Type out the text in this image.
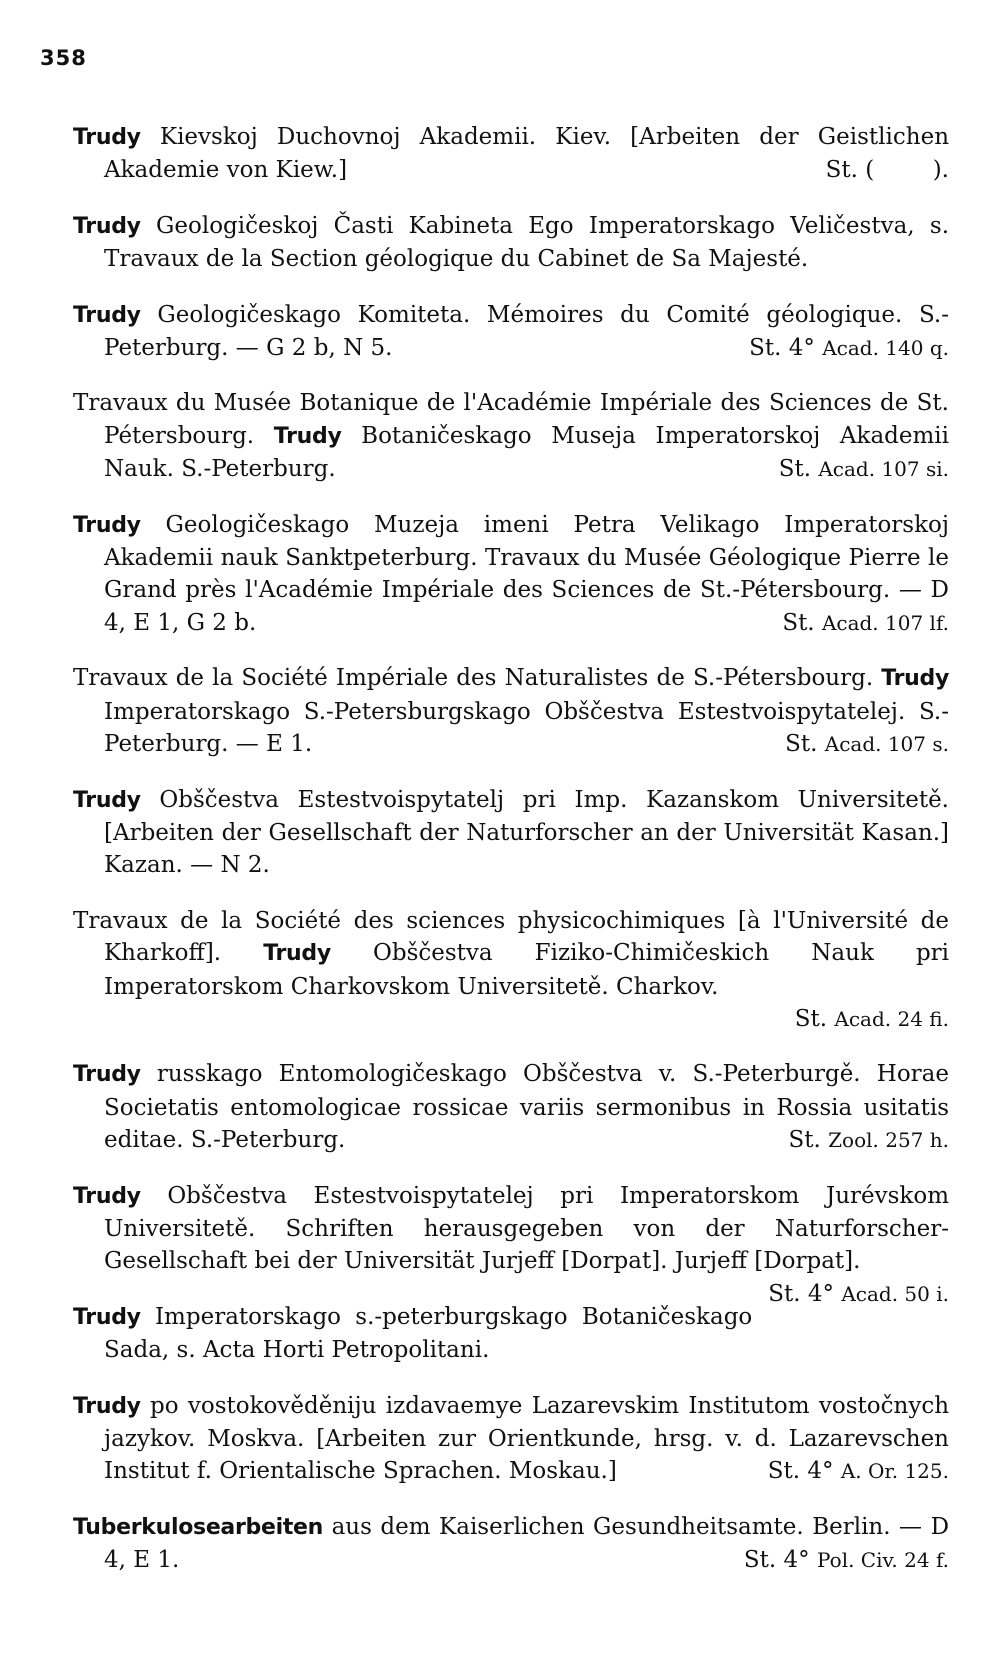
358

Trudy Kievskoj Duchovnoj Akademii. Kiev. [Arbeiten der Geistlichen Akademie von Kiew.]	St. (	).

Trudy Geologičeskoj Časti Kabineta Ego Imperatorskago Veličestva, s. Travaux de la Section géologique du Cabinet de Sa Majesté.

Trudy Geologičeskago Komiteta. Mémoires du Comité géologique. S.-Peterburg. — G 2 b, N 5.	St. 4° Acad. 140 q.

Travaux du Musée Botanique de l'Académie Impériale des Sciences de St. Pétersbourg. Trudy Botaničeskago Museja Imperatorskoj Akademii Nauk. S.-Peterburg.	St. Acad. 107 si.

Trudy Geologičeskago Muzeja imeni Petra Velikago Imperatorskoj Akademii nauk Sanktpeterburg. Travaux du Musée Géologique Pierre le Grand près l'Académie Impériale des Sciences de St.-Pétersbourg. — D 4, E 1, G 2 b.	St. Acad. 107 lf.

Travaux de la Société Impériale des Naturalistes de S.-Pétersbourg. Trudy Imperatorskago S.-Petersburgskago Obščestva Estestvoispytatelej. S.-Peterburg. — E 1.	St. Acad. 107 s.

Trudy Obščestva Estestvoispytatelj pri Imp. Kazanskom Universitetě. [Arbeiten der Gesellschaft der Naturforscher an der Universität Kasan.] Kazan. — N 2.

Travaux de la Société des sciences physicochimiques [à l'Université de Kharkoff]. Trudy Obščestva Fiziko-Chimičeskich Nauk pri Imperatorskom Charkovskom Universitetě. Charkov.
St. Acad. 24 fi.

Trudy russkago Entomologičeskago Obščestva v. S.-Peterburgě. Horae Societatis entomologicae rossicae variis sermonibus in Rossia usitatis editae. S.-Peterburg.	St. Zool. 257 h.

Trudy Obščestva Estestvoispytatelej pri Imperatorskom Jurévskom Universitetě. Schriften herausgegeben von der Naturforscher-Gesellschaft bei der Universität Jurjeff [Dorpat]. Jurjeff [Dorpat].
St. 4° Acad. 50 i.

Trudy Imperatorskago s.-peterburgskago Botaničeskago Sada, s. Acta Horti Petropolitani.

Trudy po vostokověděniju izdavaemye Lazarevskim Institutom vostočnych jazykov. Moskva. [Arbeiten zur Orientkunde, hrsg. v. d. Lazarevschen Institut f. Orientalische Sprachen. Moskau.]	St. 4° A. Or. 125.

Tuberkulosearbeiten aus dem Kaiserlichen Gesundheitsamte. Berlin. — D 4, E 1.	St. 4° Pol. Civ. 24 f.
